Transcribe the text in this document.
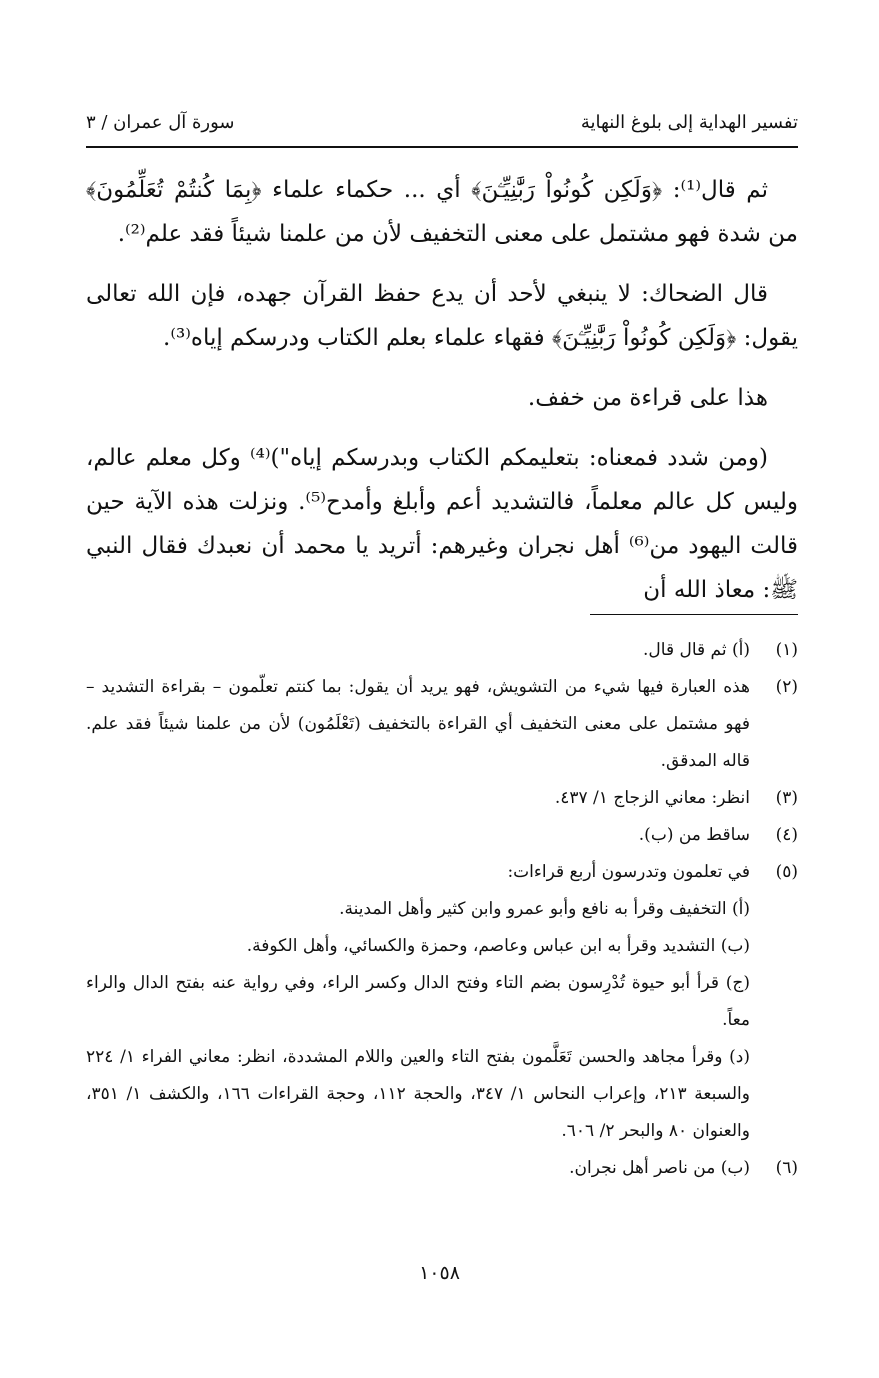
تفسير الهداية إلى بلوغ النهاية
سورة آل عمران / ٣

ثم قال⁽¹⁾: ﴿وَلَكِن كُونُواْ رَبَّٰنِيِّـۧنَ﴾ أي ... حكماء علماء ﴿بِمَا كُنتُمْ تُعَلِّمُونَ﴾ من شدة فهو مشتمل على معنى التخفيف لأن من علمنا شيئاً فقد علم⁽²⁾.

قال الضحاك: لا ينبغي لأحد أن يدع حفظ القرآن جهده، فإن الله تعالى يقول: ﴿وَلَكِن كُونُواْ رَبَّٰنِيِّـۧنَ﴾ فقهاء علماء بعلم الكتاب ودرسكم إياه⁽³⁾.

هذا على قراءة من خفف.

(ومن شدد فمعناه: بتعليمكم الكتاب وبدرسكم إياه")⁽⁴⁾ وكل معلم عالم، وليس كل عالم معلماً، فالتشديد أعم وأبلغ وأمدح⁽⁵⁾. ونزلت هذه الآية حين قالت اليهود من⁽⁶⁾ أهل نجران وغيرهم: أتريد يا محمد أن نعبدك فقال النبي ﷺ: معاذ الله أن

(١)
(أ) ثم قال قال.
(٢)
هذه العبارة فيها شيء من التشويش، فهو يريد أن يقول: بما كنتم تعلّمون – بقراءة التشديد – فهو مشتمل على معنى التخفيف أي القراءة بالتخفيف (تَعْلَمُون) لأن من علمنا شيئاً فقد علم. قاله المدقق.
(٣)
انظر: معاني الزجاج ١/ ٤٣٧.
(٤)
ساقط من (ب).
(٥)
في تعلمون وتدرسون أربع قراءات:
(أ) التخفيف وقرأ به نافع وأبو عمرو وابن كثير وأهل المدينة.
(ب) التشديد وقرأ به ابن عباس وعاصم، وحمزة والكسائي، وأهل الكوفة.
(ج) قرأ أبو حيوة تُدْرِسون بضم التاء وفتح الدال وكسر الراء، وفي رواية عنه بفتح الدال والراء معاً.
(د) وقرأ مجاهد والحسن تَعَلَّمون بفتح التاء والعين واللام المشددة، انظر: معاني الفراء ١/ ٢٢٤ والسبعة ٢١٣، وإعراب النحاس ١/ ٣٤٧، والحجة ١١٢، وحجة القراءات ١٦٦، والكشف ١/ ٣٥١، والعنوان ٨٠ والبحر ٢/ ٦٠٦.
(٦)
(ب) من ناصر أهل نجران.
١٠٥٨
